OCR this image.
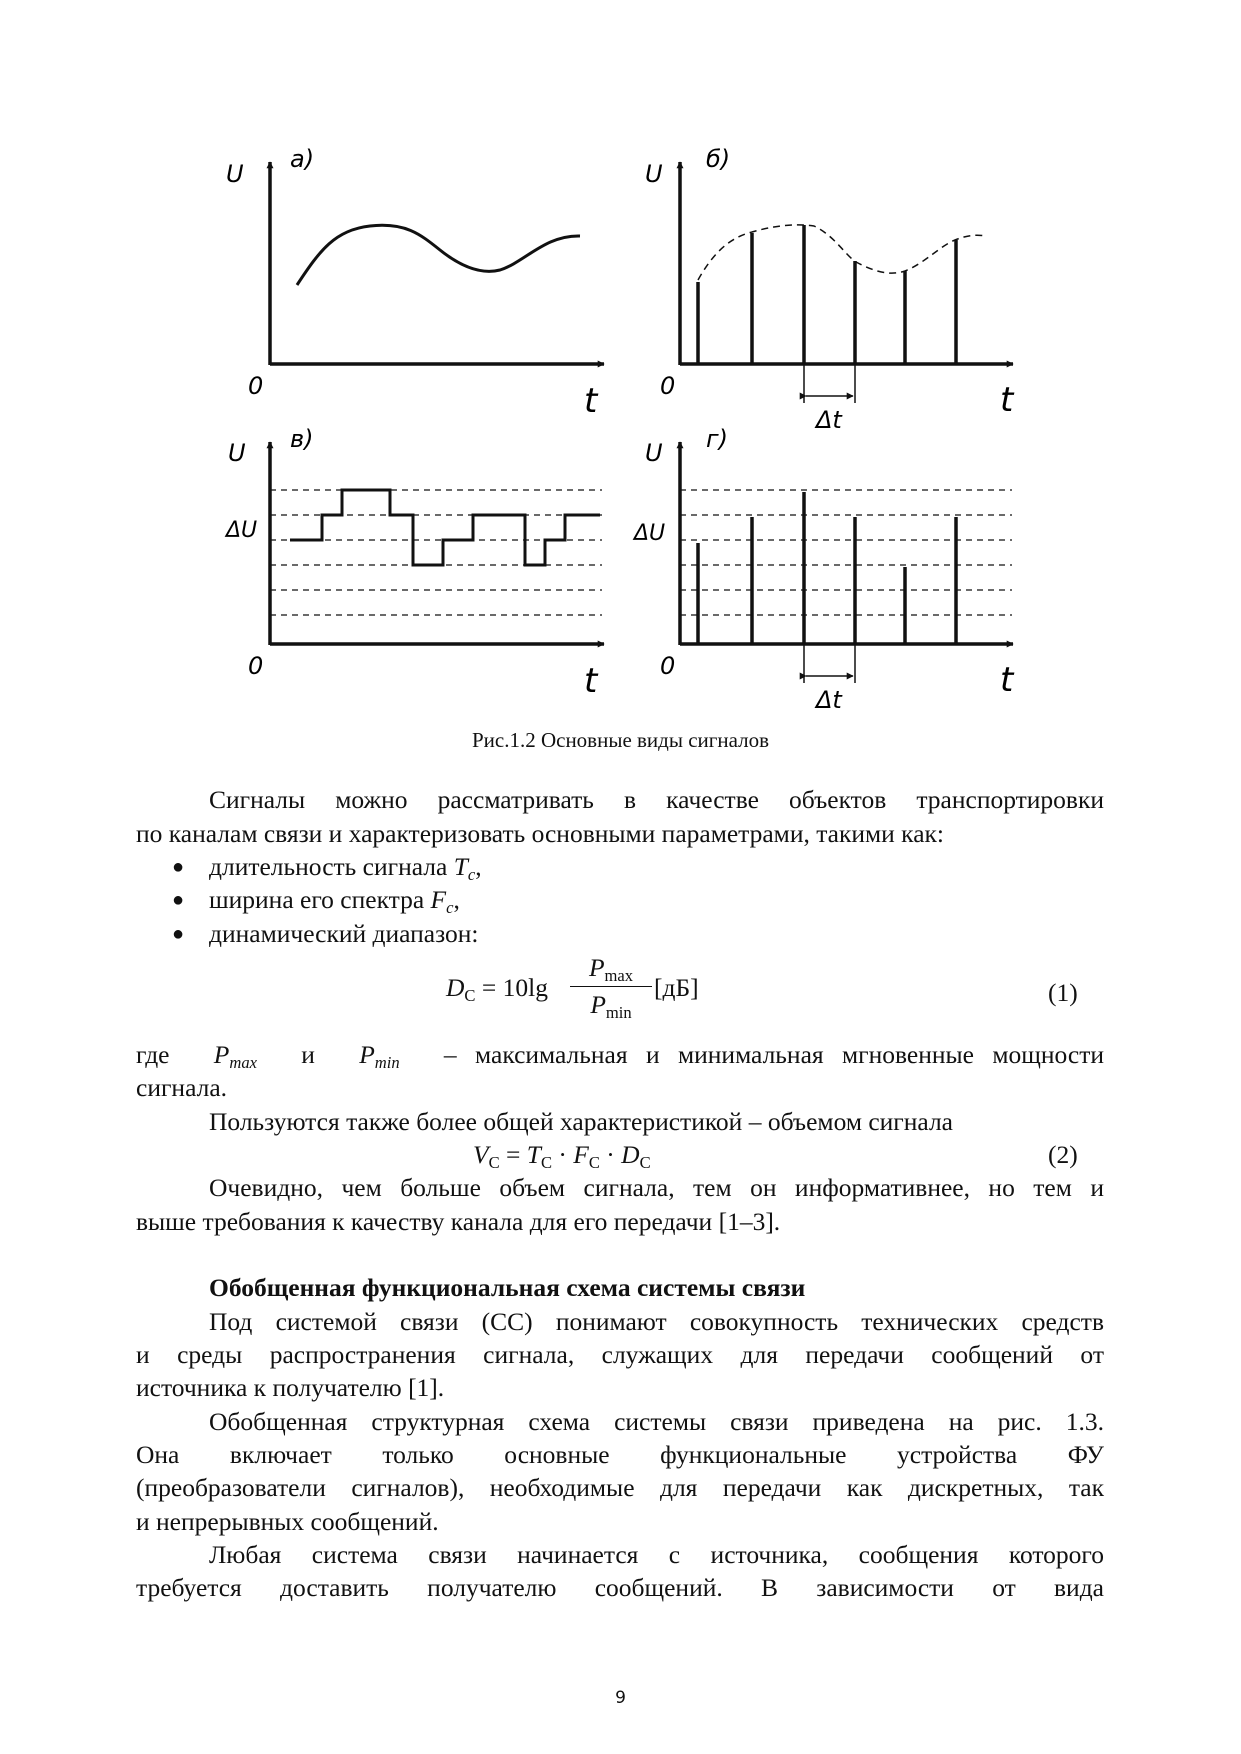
U
а)
0	t
U
б)
0	t
Δt
U в)
ΔU
0	t
U г)
ΔU
0	t
Δt
Рис.1.2 Основные виды сигналов
Сигналы можно рассматривать в качестве объектов транспортировки
по каналам связи и характеризовать основными параметрами, такими как:
● длительность сигнала $T_c$,
● ширина его спектра $F_c$,
● динамический диапазон:
$D_C = 10\lg$
$P_{max}$
$P_{min}$
[дБ]	(1)
где $P_{max}$ и $P_{min}$ – максимальная и минимальная мгновенные мощности
сигнала.
Пользуются также более общей характеристикой – объемом сигнала
$V_C = T_C \cdot F_C \cdot D_C$	(2)
Очевидно, чем больше объем сигнала, тем он информативнее, но тем и
выше требования к качеству канала для его передачи [1–3].
Обобщенная функциональная схема системы связи
Под системой связи (СС) понимают совокупность технических средств
и среды распространения сигнала, служащих для передачи сообщений от
источника к получателю [1].
Обобщенная структурная схема системы связи приведена на рис. 1.3.
Она включает только основные функциональные устройства ФУ
(преобразователи сигналов), необходимые для передачи как дискретных, так
и непрерывных сообщений.
Любая система связи начинается с источника, сообщения которого
требуется доставить получателю сообщений. В зависимости от вида
9
